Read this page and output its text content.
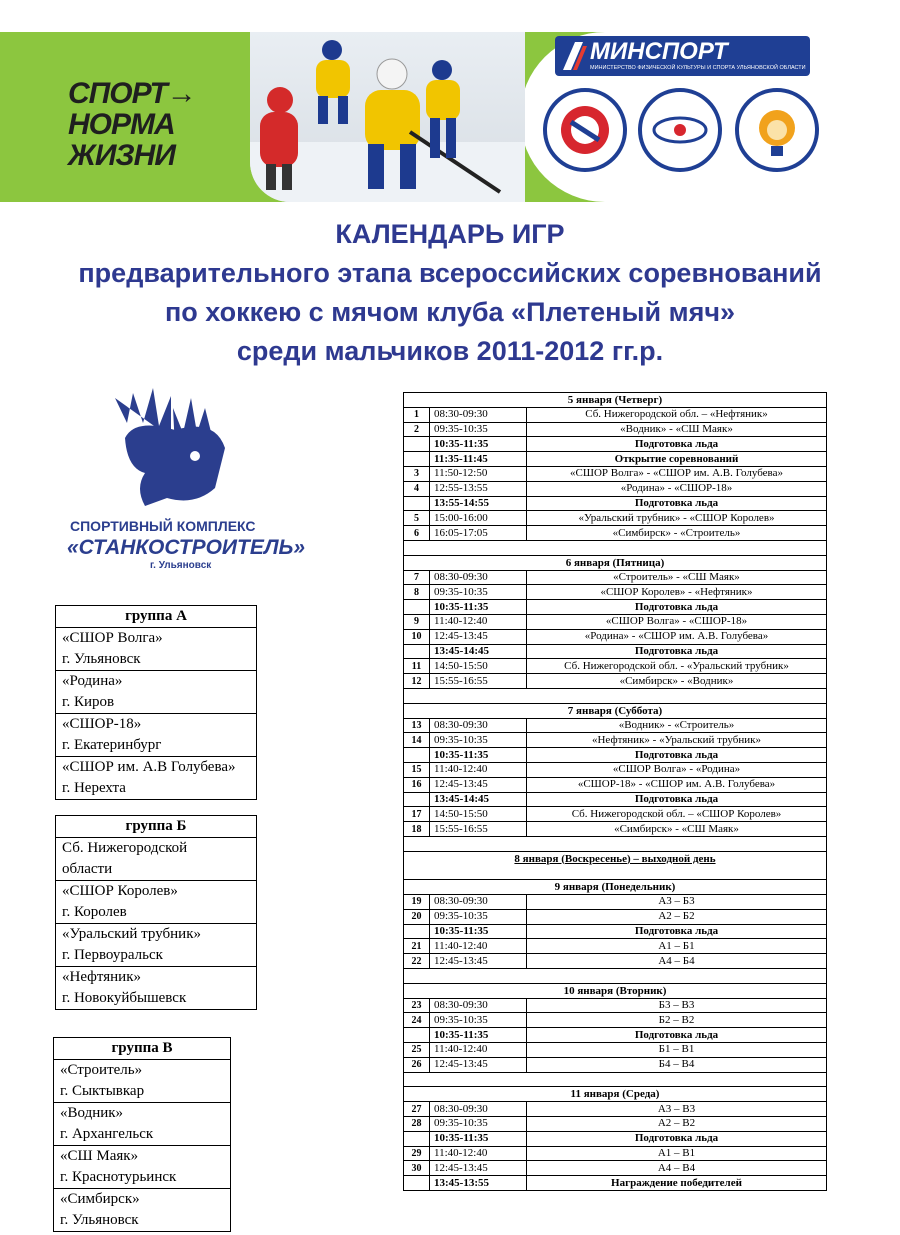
СПОРТ→
НОРМА
ЖИЗНИ
МИНСПОРТ
МИНИСТЕРСТВО ФИЗИЧЕСКОЙ КУЛЬТУРЫ И СПОРТА УЛЬЯНОВСКОЙ ОБЛАСТИ
КАЛЕНДАРЬ ИГР
предварительного этапа всероссийских соревнований
по хоккею с мячом клуба «Плетеный мяч»
среди мальчиков 2011-2012 гг.р.
СПОРТИВНЫЙ КОМПЛЕКС
«СТАНКОСТРОИТЕЛЬ»
г. Ульяновск
группа А
«СШОР Волга»
г. Ульяновск
«Родина»
г. Киров
«СШОР-18»
г. Екатеринбург
«СШОР им. А.В Голубева»
г. Нерехта
группа Б
Сб. Нижегородской
области
«СШОР Королев»
г. Королев
«Уральский трубник»
г. Первоуральск
«Нефтяник»
г. Новокуйбышевск
группа В
«Строитель»
г. Сыктывкар
«Водник»
г. Архангельск
«СШ Маяк»
г. Краснотурьинск
«Симбирск»
г. Ульяновск
5 января (Четверг)		
1	08:30-09:30	Сб. Нижегородской обл. – «Нефтяник»
2	09:35-10:35	«Водник» - «СШ Маяк»
	10:35-11:35	Подготовка льда
	11:35-11:45	Открытие соревнований
3	11:50-12:50	«СШОР Волга» - «СШОР им. А.В. Голубева»
4	12:55-13:55	«Родина» - «СШОР-18»
	13:55-14:55	Подготовка льда
5	15:00-16:00	«Уральский трубник» - «СШОР Королев»
6	16:05-17:05	«Симбирск» - «Строитель»

6 января (Пятница)		
7	08:30-09:30	«Строитель» - «СШ Маяк»
8	09:35-10:35	«СШОР Королев» - «Нефтяник»
	10:35-11:35	Подготовка льда
9	11:40-12:40	«СШОР Волга» - «СШОР-18»
10	12:45-13:45	«Родина» - «СШОР им. А.В. Голубева»
	13:45-14:45	Подготовка льда
11	14:50-15:50	Сб. Нижегородской обл. - «Уральский трубник»
12	15:55-16:55	«Симбирск» - «Водник»

7 января (Суббота)		
13	08:30-09:30	«Водник» - «Строитель»
14	09:35-10:35	«Нефтяник» - «Уральский трубник»
	10:35-11:35	Подготовка льда
15	11:40-12:40	«СШОР Волга» - «Родина»
16	12:45-13:45	«СШОР-18» - «СШОР им. А.В. Голубева»
	13:45-14:45	Подготовка льда
17	14:50-15:50	Сб. Нижегородской обл. – «СШОР Королев»
18	15:55-16:55	«Симбирск» - «СШ Маяк»

8 января (Воскресенье) – выходной день		

9 января (Понедельник)		
19	08:30-09:30	А3 – Б3
20	09:35-10:35	А2 – Б2
	10:35-11:35	Подготовка льда
21	11:40-12:40	А1 – Б1
22	12:45-13:45	А4 – Б4

10 января (Вторник)		
23	08:30-09:30	Б3 – В3
24	09:35-10:35	Б2 – В2
	10:35-11:35	Подготовка льда
25	11:40-12:40	Б1 – В1
26	12:45-13:45	Б4 – В4

11 января (Среда)		
27	08:30-09:30	А3 – В3
28	09:35-10:35	А2 – В2
	10:35-11:35	Подготовка льда
29	11:40-12:40	А1 – В1
30	12:45-13:45	А4 – В4
	13:45-13:55	Награждение победителей
